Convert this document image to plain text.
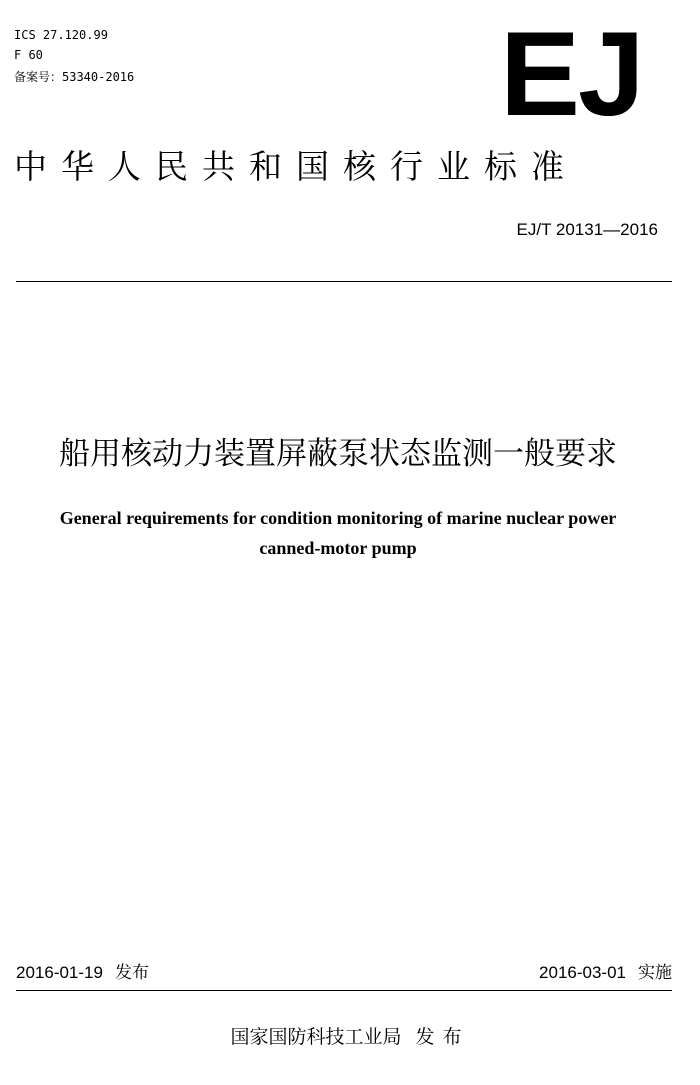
ICS 27.120.99
F 60
备案号：53340-2016	EJ
中华人民共和国核行业标准
EJ/T 20131—2016
船用核动力装置屏蔽泵状态监测一般要求
General requirements for condition monitoring of marine nuclear power
canned-motor pump
2016-01-19 发布	2016-03-01 实施
国家国防科技工业局 发布
